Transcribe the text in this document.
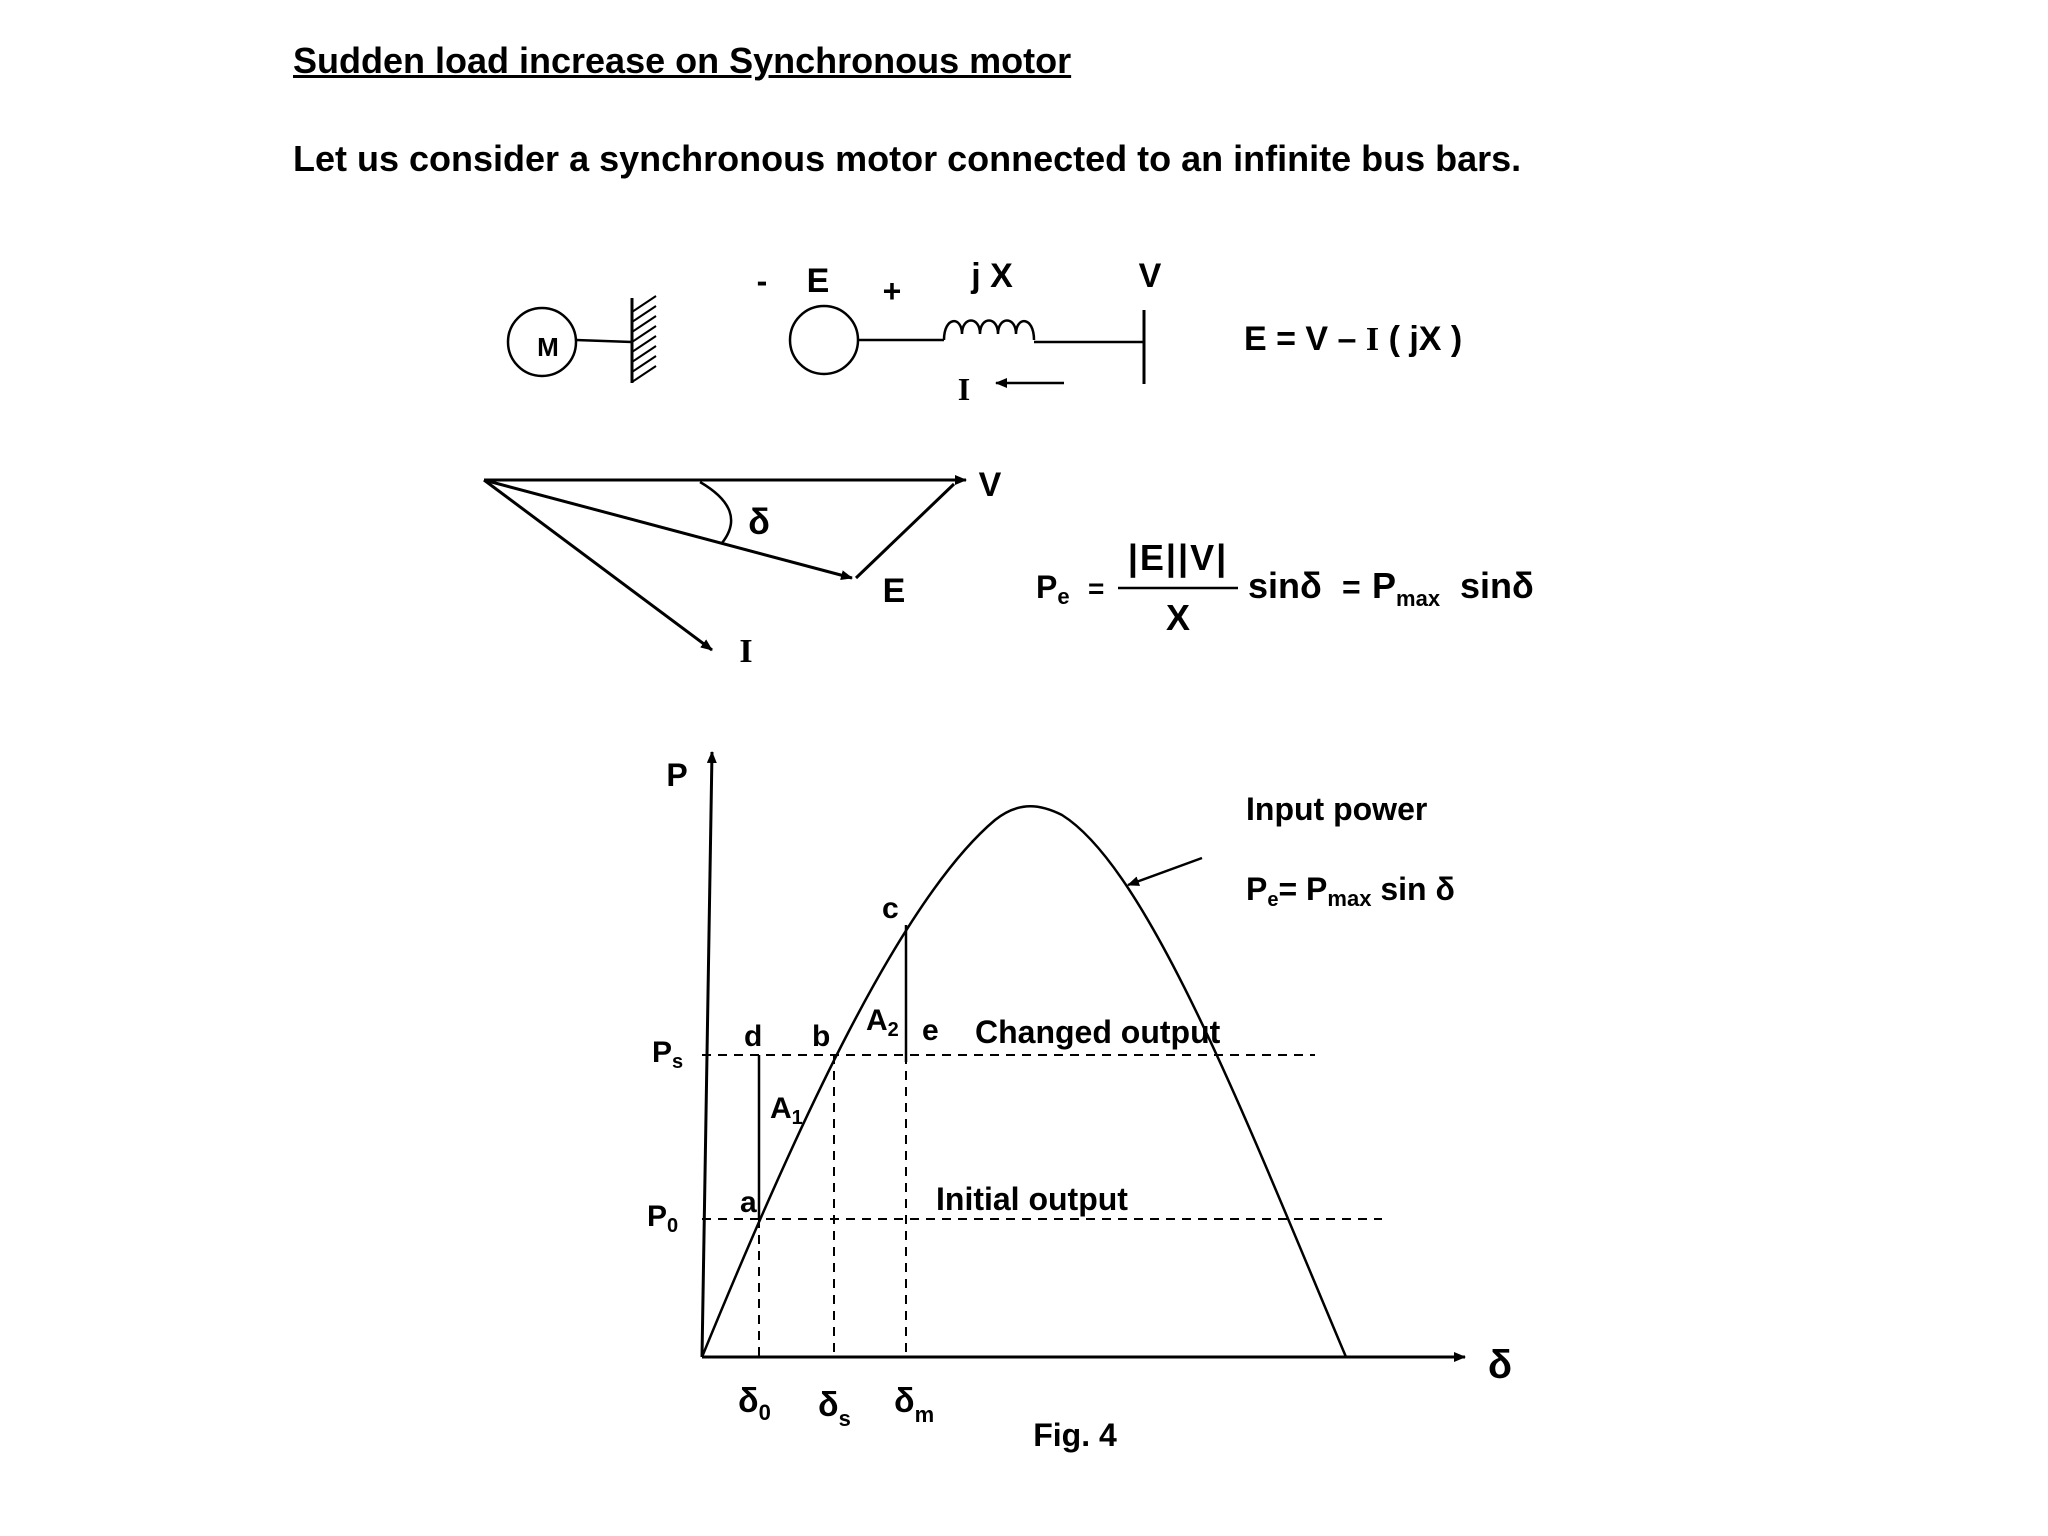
Sudden load increase on Synchronous motor
Let us consider a synchronous motor connected to an infinite bus bars.
M
- E + j X	V
I
E = V – I ( jX )
V
E
I
δ
Pe =
|E||V|
X
$\sin\delta = P_{max}$ sinδ
P
δ
Input power
Pe= Pmax sin δ
$P_s$
$P_0$
Changed output
Initial output
a
b
c
d	e
$A_1$
$A_2$
$\delta_0$ $\delta_s$ $\delta_m$
Fig. 4
